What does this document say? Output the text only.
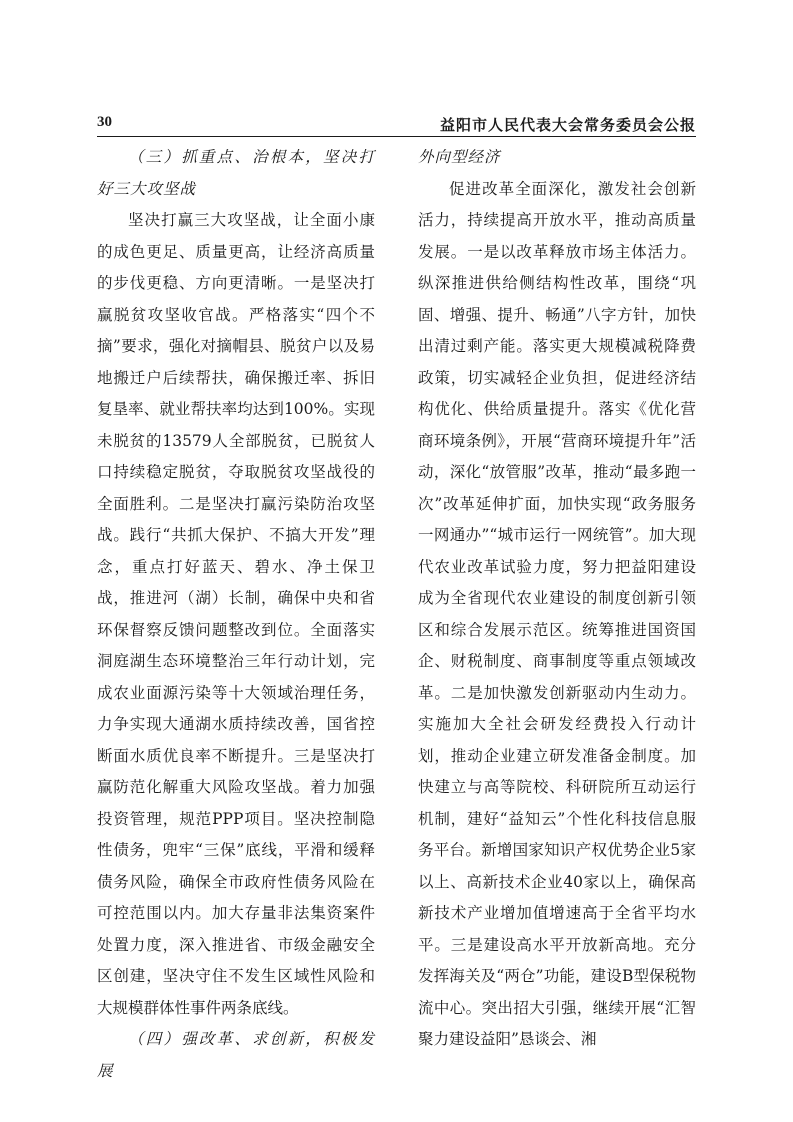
30	益阳市人民代表大会常务委员会公报
（三）抓重点、治根本，坚决打好三大攻坚战

坚决打赢三大攻坚战，让全面小康的成色更足、质量更高，让经济高质量的步伐更稳、方向更清晰。一是坚决打赢脱贫攻坚收官战。严格落实“四个不摘”要求，强化对摘帽县、脱贫户以及易地搬迁户后续帮扶，确保搬迁率、拆旧复垦率、就业帮扶率均达到100%。实现未脱贫的13579人全部脱贫，已脱贫人口持续稳定脱贫，夺取脱贫攻坚战役的全面胜利。二是坚决打赢污染防治攻坚战。践行“共抓大保护、不搞大开发”理念，重点打好蓝天、碧水、净土保卫战，推进河（湖）长制，确保中央和省环保督察反馈问题整改到位。全面落实洞庭湖生态环境整治三年行动计划，完成农业面源污染等十大领域治理任务，力争实现大通湖水质持续改善，国省控断面水质优良率不断提升。三是坚决打赢防范化解重大风险攻坚战。着力加强投资管理，规范PPP项目。坚决控制隐性债务，兜牢“三保”底线，平滑和缓释债务风险，确保全市政府性债务风险在可控范围以内。加大存量非法集资案件处置力度，深入推进省、市级金融安全区创建，坚决守住不发生区域性风险和大规模群体性事件两条底线。

（四）强改革、求创新，积极发展
外向型经济

促进改革全面深化，激发社会创新活力，持续提高开放水平，推动高质量发展。一是以改革释放市场主体活力。纵深推进供给侧结构性改革，围绕“巩固、增强、提升、畅通”八字方针，加快出清过剩产能。落实更大规模减税降费政策，切实减轻企业负担，促进经济结构优化、供给质量提升。落实《优化营商环境条例》，开展“营商环境提升年”活动，深化“放管服”改革，推动“最多跑一次”改革延伸扩面，加快实现“政务服务一网通办”“城市运行一网统管”。加大现代农业改革试验力度，努力把益阳建设成为全省现代农业建设的制度创新引领区和综合发展示范区。统筹推进国资国企、财税制度、商事制度等重点领域改革。二是加快激发创新驱动内生动力。实施加大全社会研发经费投入行动计划，推动企业建立研发准备金制度。加快建立与高等院校、科研院所互动运行机制，建好“益知云”个性化科技信息服务平台。新增国家知识产权优势企业5家以上、高新技术企业40家以上，确保高新技术产业增加值增速高于全省平均水平。三是建设高水平开放新高地。充分发挥海关及“两仓”功能，建设B型保税物流中心。突出招大引强，继续开展“汇智聚力建设益阳”恳谈会、湘
